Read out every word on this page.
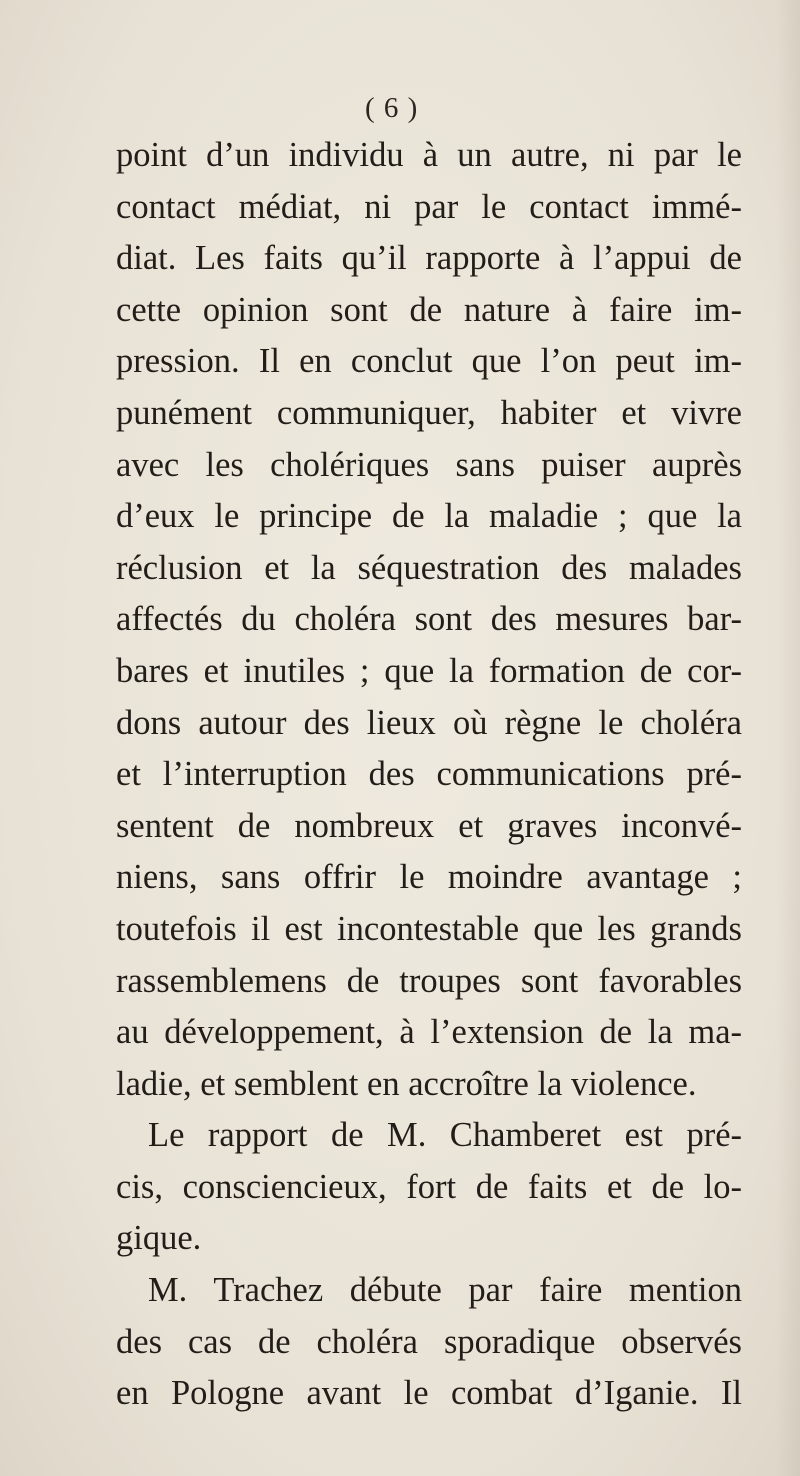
( 6 )
point d’un individu à un autre, ni par le
contact médiat, ni par le contact immé-
diat. Les faits qu’il rapporte à l’appui de
cette opinion sont de nature à faire im-
pression. Il en conclut que l’on peut im-
punément communiquer, habiter et vivre
avec les cholériques sans puiser auprès
d’eux le principe de la maladie ; que la
réclusion et la séquestration des malades
affectés du choléra sont des mesures bar-
bares et inutiles ; que la formation de cor-
dons autour des lieux où règne le choléra
et l’interruption des communications pré-
sentent de nombreux et graves inconvé-
niens, sans offrir le moindre avantage ;
toutefois il est incontestable que les grands
rassemblemens de troupes sont favorables
au développement, à l’extension de la ma-
ladie, et semblent en accroître la violence.
Le rapport de M. Chamberet est pré-
cis, consciencieux, fort de faits et de lo-
gique.
M. Trachez débute par faire mention
des cas de choléra sporadique observés
en Pologne avant le combat d’Iganie. Il
